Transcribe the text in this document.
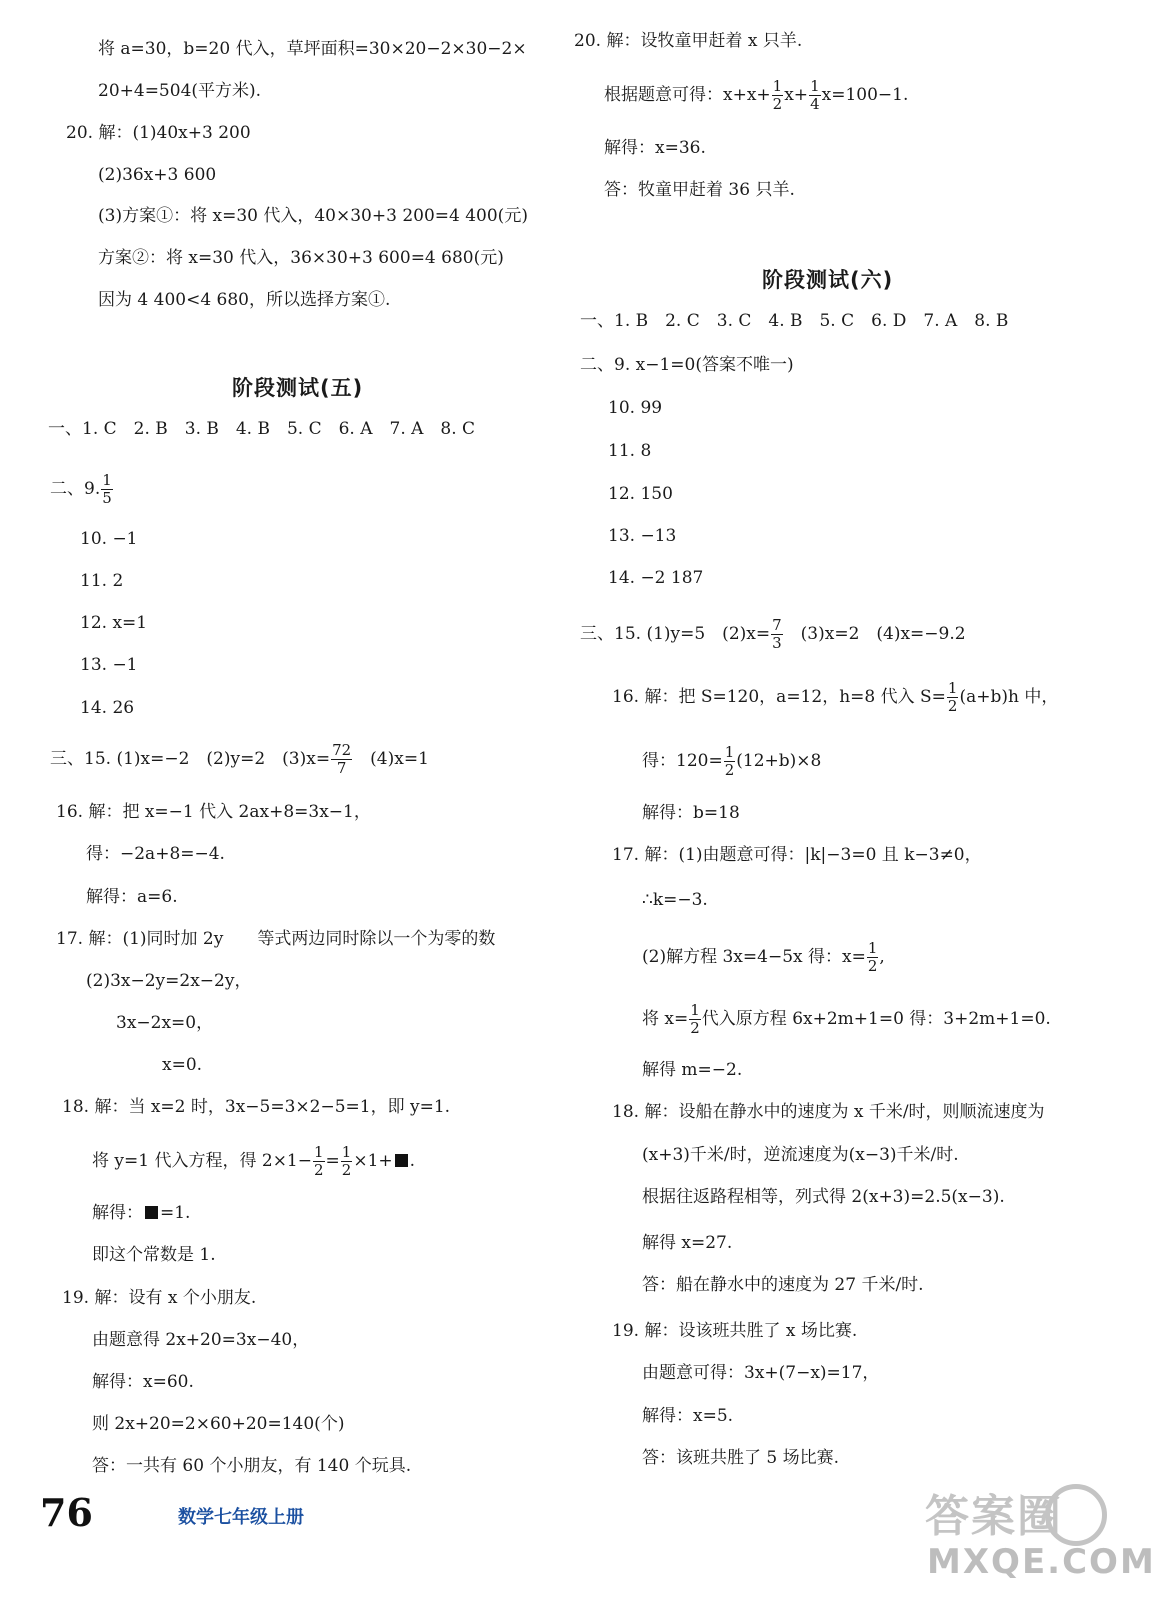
将 a=30，b=20 代入，草坪面积=30×20−2×30−2×
20+4=504(平方米).
20. 解：(1)40x+3 200
(2)36x+3 600
(3)方案①：将 x=30 代入，40×30+3 200=4 400(元)
方案②：将 x=30 代入，36×30+3 600=4 680(元)
因为 4 400<4 680，所以选择方案①.
阶段测试(五)
一、1. C　2. B　3. B　4. B　5. C　6. A　7. A　8. C
二、9. $\frac{1}{5}$
10. −1
11. 2
12. x=1
13. −1
14. 26
三、15. (1)x=−2　(2)y=2　$(3)x= \frac{72}{7}$ 　(4)x=1
16. 解：把 x=−1 代入 2ax+8=3x−1，
得：−2a+8=−4.
解得：a=6.
17. 解：(1)同时加 2y　　等式两边同时除以一个为零的数
(2)3x−2y=2x−2y，
3x−2x=0，
x=0.
18. 解：当 x=2 时，3x−5=3×2−5=1，即 y=1.
将 y=1 代入方程，得 $2\times 1- \frac{1}{2} = \frac{1}{2} \times 1+$ .
解得： =1.
即这个常数是 1.
19. 解：设有 x 个小朋友.
由题意得 2x+20=3x−40，
解得：x=60.
则 2x+20=2×60+20=140(个)
答：一共有 60 个小朋友，有 140 个玩具.
20. 解：设牧童甲赶着 x 只羊.
根据题意可得：$x+x+ \frac{1}{2} x+ \frac{1}{4} x=100-1$.
解得：x=36.
答：牧童甲赶着 36 只羊.
阶段测试(六)
一、1. B　2. C　3. C　4. B　5. C　6. D　7. A　8. B
二、9. x−1=0(答案不唯一)
10. 99
11. 8
12. 150
13. −13
14. −2 187
三、15. (1)y=5　$(2)x= \frac{7}{3}$ 　(3)x=2　(4)x=−9.2
16. 解：把 S=120，a=12，h=8 代入 $S= \frac{1}{2} (a+b)h$ 中，
得：$120= \frac{1}{2} (12+b)\times 8$
解得：b=18
17. 解：(1)由题意可得：|k|−3=0 且 k−3≠0，
∴k=−3.
(2)解方程 3x=4−5x 得：$x= \frac{1}{2}$ ,
将 $x= \frac{1}{2}$ 代入原方程 6x+2m+1=0 得：3+2m+1=0.
解得 m=−2.
18. 解：设船在静水中的速度为 x 千米/时，则顺流速度为
(x+3)千米/时，逆流速度为(x−3)千米/时.
根据往返路程相等，列式得 2(x+3)=2.5(x−3).
解得 x=27.
答：船在静水中的速度为 27 千米/时.
19. 解：设该班共胜了 x 场比赛.
由题意可得：3x+(7−x)=17，
解得：x=5.
答：该班共胜了 5 场比赛.
76	数学七年级上册	答案圈
MXQE.COM
